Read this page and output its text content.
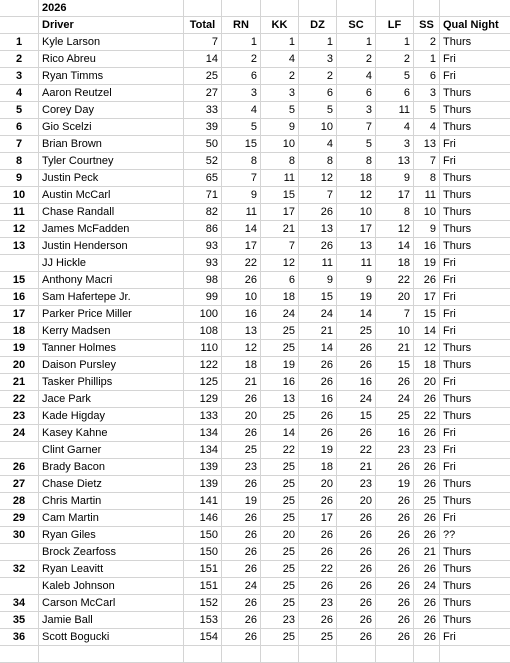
2026
Driver	Total	RN	KK	DZ	SC	LF	SS Qual Night
1	Kyle Larson	7	1	1	1	1	1	2 Thurs
2	Rico Abreu	14	2	4	3	2	2	1 Fri
3	Ryan Timms	25	6	2	2	4	5	6 Fri
4	Aaron Reutzel	27	3	3	6	6	6	3 Thurs
5	Corey Day	33	4	5	5	3	11	5 Thurs
6	Gio Scelzi	39	5	9	10	7	4	4 Thurs
7	Brian Brown	50	15	10	4	5	3	13 Fri
8	Tyler Courtney	52	8	8	8	8	13	7 Fri
9	Justin Peck	65	7	11	12	18	9	8 Thurs
10	Austin McCarl	71	9	15	7	12	17	11 Thurs
11	Chase Randall	82	11	17	26	10	8	10 Thurs
12	James McFadden	86	14	21	13	17	12	9 Thurs
13	Justin Henderson	93	17	7	26	13	14	16 Thurs
JJ Hickle	93	22	12	11	11	18	19 Fri
15	Anthony Macri	98	26	6	9	9	22	26 Fri
16	Sam Hafertepe Jr.	99	10	18	15	19	20	17 Fri
17	Parker Price Miller	100	16	24	24	14	7	15 Fri
18	Kerry Madsen	108	13	25	21	25	10	14 Fri
19	Tanner Holmes	110	12	25	14	26	21	12 Thurs
20	Daison Pursley	122	18	19	26	26	15	18 Thurs
21	Tasker Phillips	125	21	16	26	16	26	20 Fri
22	Jace Park	129	26	13	16	24	24	26 Thurs
23	Kade Higday	133	20	25	26	15	25	22 Thurs
24	Kasey Kahne	134	26	14	26	26	16	26 Fri
Clint Garner	134	25	22	19	22	23	23 Fri
26	Brady Bacon	139	23	25	18	21	26	26 Fri
27	Chase Dietz	139	26	25	20	23	19	26 Thurs
28	Chris Martin	141	19	25	26	20	26	25 Thurs
29	Cam Martin	146	26	25	17	26	26	26 Fri
30	Ryan Giles	150	26	20	26	26	26	26 ??
Brock Zearfoss	150	26	25	26	26	26	21 Thurs
32	Ryan Leavitt	151	26	25	22	26	26	26 Thurs
Kaleb Johnson	151	24	25	26	26	26	24 Thurs
34	Carson McCarl	152	26	25	23	26	26	26 Thurs
35	Jamie Ball	153	26	23	26	26	26	26 Thurs
36	Scott Bogucki	154	26	25	25	26	26	26 Fri
